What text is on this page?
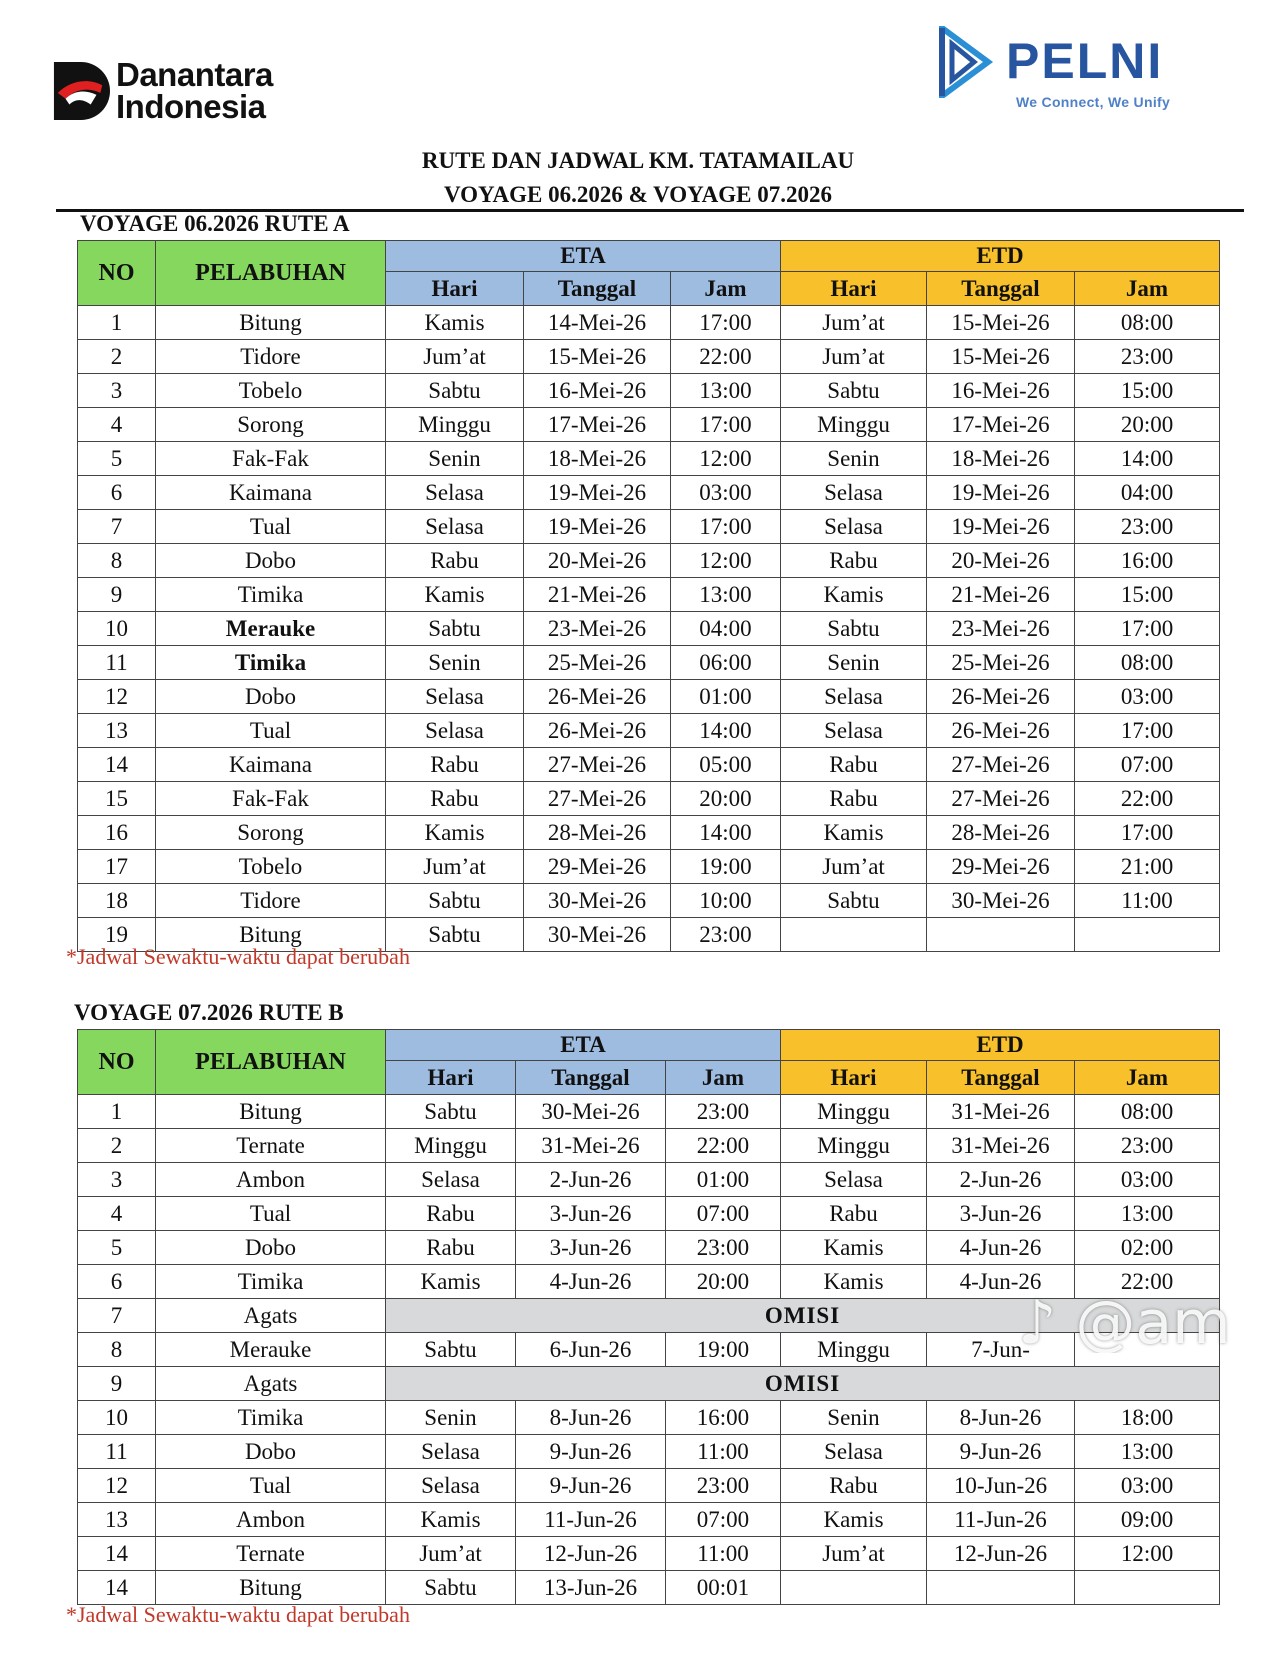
Danantara
Indonesia
PELNI
We Connect, We Unify
RUTE DAN JADWAL KM. TATAMAILAU
VOYAGE 06.2026 & VOYAGE 07.2026
VOYAGE 06.2026 RUTE A
NO	PELABUHAN	ETA			ETD		
		Hari	Tanggal	Jam	Hari	Tanggal	Jam
1	Bitung	Kamis	14-Mei-26	17:00	Jum’at	15-Mei-26	08:00
2	Tidore	Jum’at	15-Mei-26	22:00	Jum’at	15-Mei-26	23:00
3	Tobelo	Sabtu	16-Mei-26	13:00	Sabtu	16-Mei-26	15:00
4	Sorong	Minggu	17-Mei-26	17:00	Minggu	17-Mei-26	20:00
5	Fak-Fak	Senin	18-Mei-26	12:00	Senin	18-Mei-26	14:00
6	Kaimana	Selasa	19-Mei-26	03:00	Selasa	19-Mei-26	04:00
7	Tual	Selasa	19-Mei-26	17:00	Selasa	19-Mei-26	23:00
8	Dobo	Rabu	20-Mei-26	12:00	Rabu	20-Mei-26	16:00
9	Timika	Kamis	21-Mei-26	13:00	Kamis	21-Mei-26	15:00
10	Merauke	Sabtu	23-Mei-26	04:00	Sabtu	23-Mei-26	17:00
11	Timika	Senin	25-Mei-26	06:00	Senin	25-Mei-26	08:00
12	Dobo	Selasa	26-Mei-26	01:00	Selasa	26-Mei-26	03:00
13	Tual	Selasa	26-Mei-26	14:00	Selasa	26-Mei-26	17:00
14	Kaimana	Rabu	27-Mei-26	05:00	Rabu	27-Mei-26	07:00
15	Fak-Fak	Rabu	27-Mei-26	20:00	Rabu	27-Mei-26	22:00
16	Sorong	Kamis	28-Mei-26	14:00	Kamis	28-Mei-26	17:00
17	Tobelo	Jum’at	29-Mei-26	19:00	Jum’at	29-Mei-26	21:00
18	Tidore	Sabtu	30-Mei-26	10:00	Sabtu	30-Mei-26	11:00
19	Bitung	Sabtu	30-Mei-26	23:00			
*Jadwal Sewaktu-waktu dapat berubah
VOYAGE 07.2026 RUTE B
NO	PELABUHAN	ETA			ETD		
		Hari	Tanggal	Jam	Hari	Tanggal	Jam
1	Bitung	Sabtu	30-Mei-26	23:00	Minggu	31-Mei-26	08:00
2	Ternate	Minggu	31-Mei-26	22:00	Minggu	31-Mei-26	23:00
3	Ambon	Selasa	2-Jun-26	01:00	Selasa	2-Jun-26	03:00
4	Tual	Rabu	3-Jun-26	07:00	Rabu	3-Jun-26	13:00
5	Dobo	Rabu	3-Jun-26	23:00	Kamis	4-Jun-26	02:00
6	Timika	Kamis	4-Jun-26	20:00	Kamis	4-Jun-26	22:00
7	Agats	OMISI					
8	Merauke	Sabtu	6-Jun-26	19:00	Minggu	7-Jun-	
9	Agats	OMISI					
10	Timika	Senin	8-Jun-26	16:00	Senin	8-Jun-26	18:00
11	Dobo	Selasa	9-Jun-26	11:00	Selasa	9-Jun-26	13:00
12	Tual	Selasa	9-Jun-26	23:00	Rabu	10-Jun-26	03:00
13	Ambon	Kamis	11-Jun-26	07:00	Kamis	11-Jun-26	09:00
14	Ternate	Jum’at	12-Jun-26	11:00	Jum’at	12-Jun-26	12:00
14	Bitung	Sabtu	13-Jun-26	00:01			
*Jadwal Sewaktu-waktu dapat berubah
♪ @am
